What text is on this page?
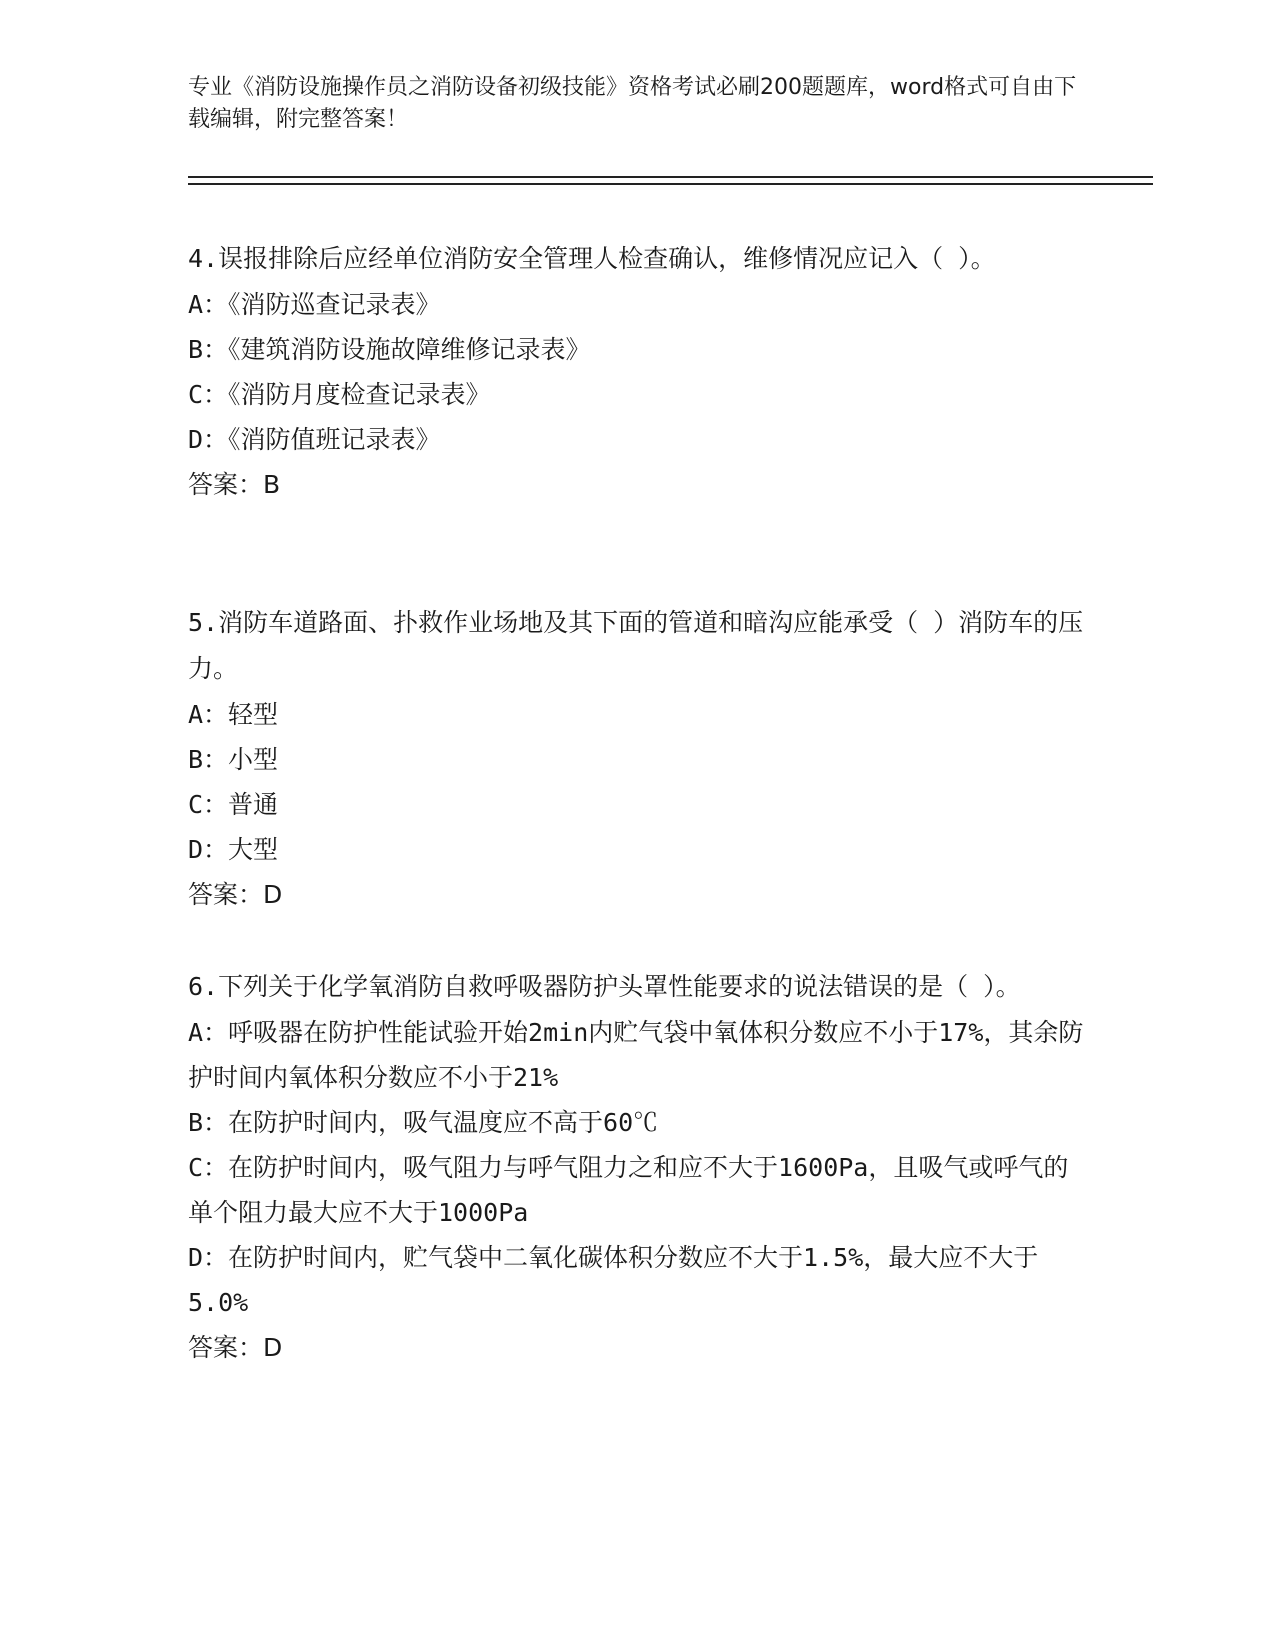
专业《消防设施操作员之消防设备初级技能》资格考试必刷200题题库，word格式可自由下载编辑，附完整答案！

4.误报排除后应经单位消防安全管理人检查确认，维修情况应记入（ ）。

A：《消防巡查记录表》

B：《建筑消防设施故障维修记录表》

C：《消防月度检查记录表》

D：《消防值班记录表》

答案：B

5.消防车道路面、扑救作业场地及其下面的管道和暗沟应能承受（ ）消防车的压力。

A：轻型

B：小型

C：普通

D：大型

答案：D

6.下列关于化学氧消防自救呼吸器防护头罩性能要求的说法错误的是（ ）。

A：呼吸器在防护性能试验开始2min内贮气袋中氧体积分数应不小于17%，其余防护时间内氧体积分数应不小于21%

B：在防护时间内，吸气温度应不高于60℃

C：在防护时间内，吸气阻力与呼气阻力之和应不大于1600Pa，且吸气或呼气的单个阻力最大应不大于1000Pa

D：在防护时间内，贮气袋中二氧化碳体积分数应不大于1.5%，最大应不大于5.0%

答案：D
